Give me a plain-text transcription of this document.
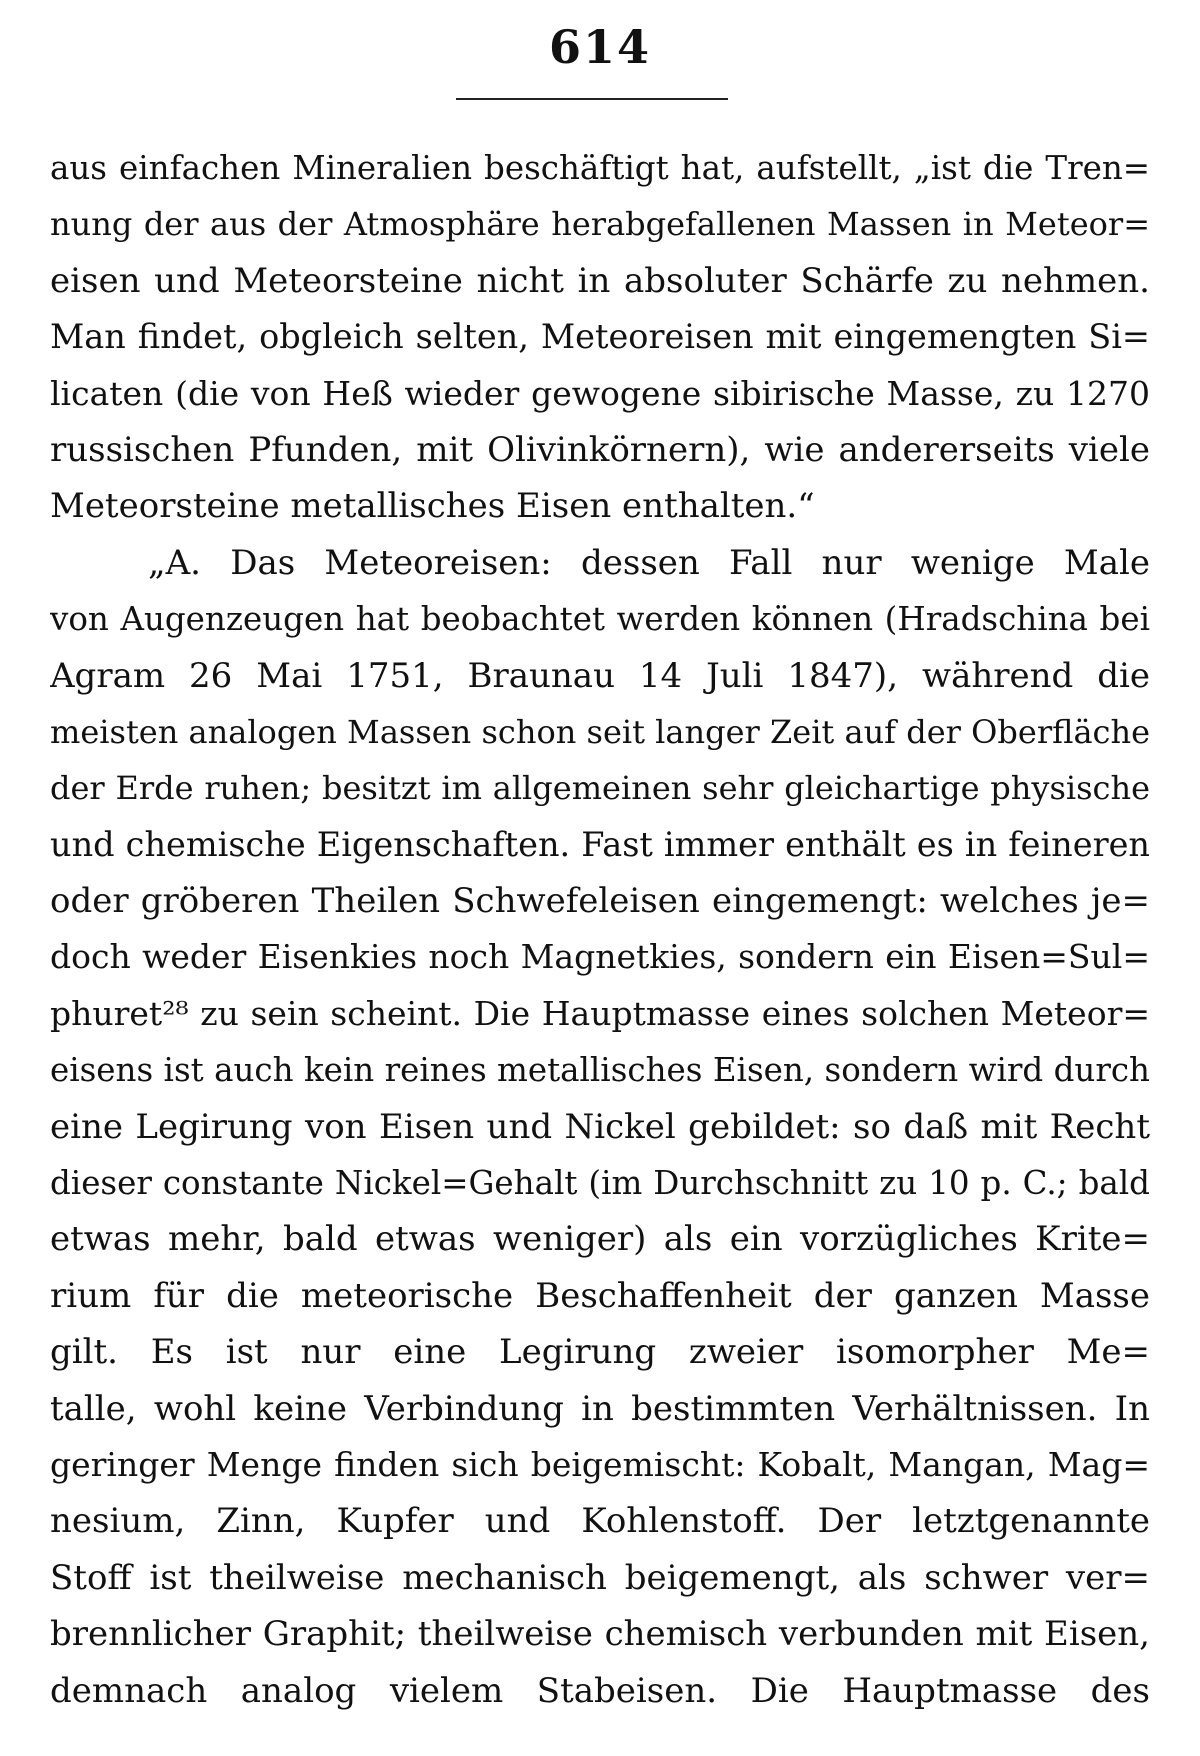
614
aus einfachen Mineralien beschäftigt hat, aufstellt, „ist die Tren=
nung der aus der Atmosphäre herabgefallenen Massen in Meteor=
eisen und Meteorsteine nicht in absoluter Schärfe zu nehmen.
Man findet, obgleich selten, Meteoreisen mit eingemengten Si=
licaten (die von Heß wieder gewogene sibirische Masse, zu 1270
russischen Pfunden, mit Olivinkörnern), wie andererseits viele
Meteorsteine metallisches Eisen enthalten.“
„A. Das Meteoreisen: dessen Fall nur wenige Male
von Augenzeugen hat beobachtet werden können (Hradschina bei
Agram 26 Mai 1751, Braunau 14 Juli 1847), während die
meisten analogen Massen schon seit langer Zeit auf der Oberfläche
der Erde ruhen; besitzt im allgemeinen sehr gleichartige physische
und chemische Eigenschaften. Fast immer enthält es in feineren
oder gröberen Theilen Schwefeleisen eingemengt: welches je=
doch weder Eisenkies noch Magnetkies, sondern ein Eisen=Sul=
phuret²⁸ zu sein scheint. Die Hauptmasse eines solchen Meteor=
eisens ist auch kein reines metallisches Eisen, sondern wird durch
eine Legirung von Eisen und Nickel gebildet: so daß mit Recht
dieser constante Nickel=Gehalt (im Durchschnitt zu 10 p. C.; bald
etwas mehr, bald etwas weniger) als ein vorzügliches Krite=
rium für die meteorische Beschaffenheit der ganzen Masse
gilt. Es ist nur eine Legirung zweier isomorpher Me=
talle, wohl keine Verbindung in bestimmten Verhältnissen. In
geringer Menge finden sich beigemischt: Kobalt, Mangan, Mag=
nesium, Zinn, Kupfer und Kohlenstoff. Der letztgenannte
Stoff ist theilweise mechanisch beigemengt, als schwer ver=
brennlicher Graphit; theilweise chemisch verbunden mit Eisen,
demnach analog vielem Stabeisen. Die Hauptmasse des
